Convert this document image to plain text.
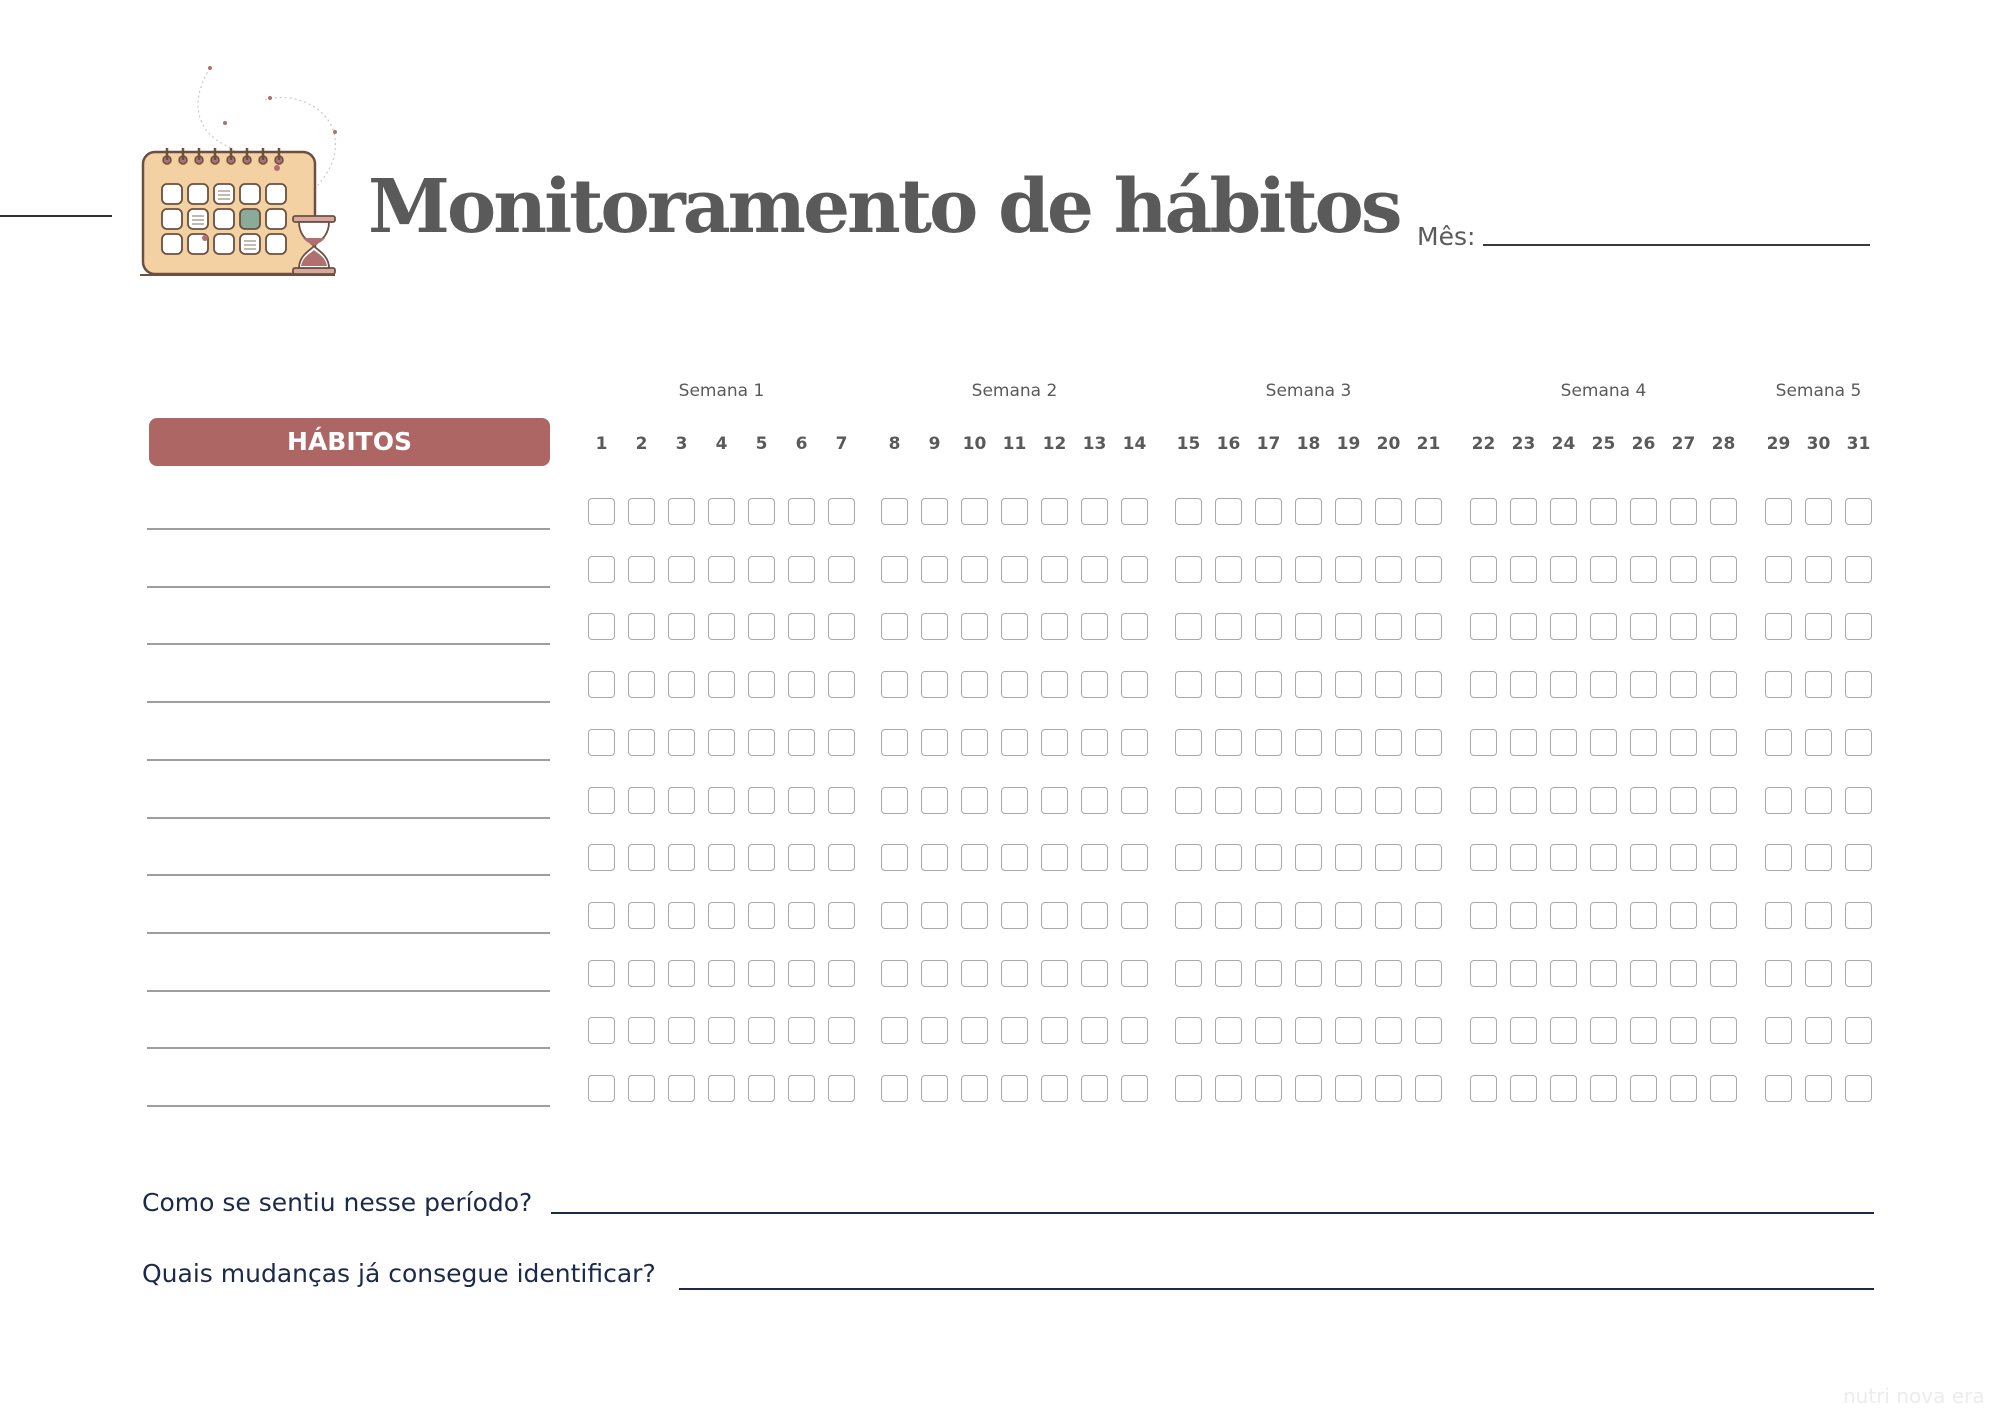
Monitoramento de hábitos Mês:
HÁBITOS
Semana 1
1 2 3 4 5 6 7
Semana 2
8 9 10 11 12 13 14
Semana 3
15 16 17 18 19 20 21
Semana 4
22 23 24 25 26 27 28
Semana 5
29 30 31
Como se sentiu nesse período?
Quais mudanças já consegue identificar?
nutri nova era
